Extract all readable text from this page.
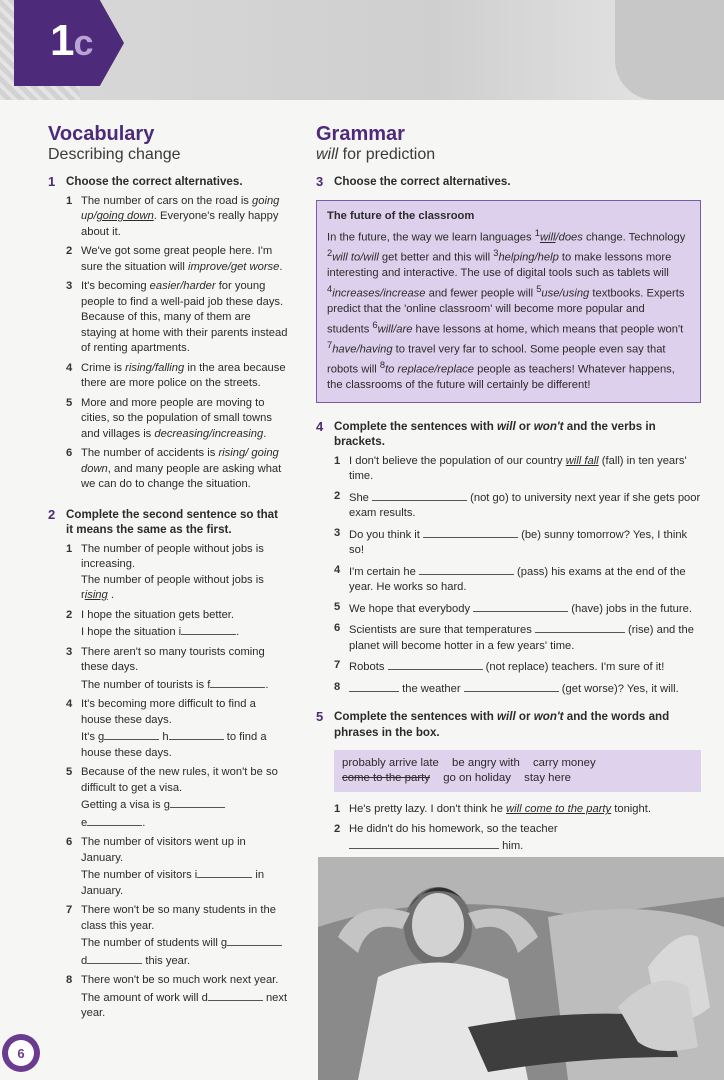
1c
Vocabulary
Describing change
1 Choose the correct alternatives.
1 The number of cars on the road is going up/going down. Everyone's really happy about it.
2 We've got some great people here. I'm sure the situation will improve/get worse.
3 It's becoming easier/harder for young people to find a well-paid job these days. Because of this, many of them are staying at home with their parents instead of renting apartments.
4 Crime is rising/falling in the area because there are more police on the streets.
5 More and more people are moving to cities, so the population of small towns and villages is decreasing/increasing.
6 The number of accidents is rising/ going down, and many people are asking what we can do to change the situation.
2 Complete the second sentence so that it means the same as the first.
1 The number of people without jobs is increasing.
The number of people without jobs is rising .
2 I hope the situation gets better.
I hope the situation i	.
3 There aren't so many tourists coming these days.
The number of tourists is f	.
4 It's becoming more difficult to find a house these days.
It's g	h	to find a house these days.
5 Because of the new rules, it won't be so difficult to get a visa.
Getting a visa is g
e	.
6 The number of visitors went up in January.
The number of visitors i	in January.
7 There won't be so many students in the class this year.
The number of students will g
d	this year.
8 There won't be so much work next year.
The amount of work will d	next year.
Grammar
will for prediction
3 Choose the correct alternatives.
The future of the classroom
In the future, the way we learn languages $^1$will/does change. Technology $^2$will to/will get better and this will $^3$helping/help to make lessons more interesting and interactive. The use of digital tools such as tablets will $^4$increases/increase and fewer people will $^5$use/using textbooks. Experts predict that the 'online classroom' will become more popular and students $^6$will/are have lessons at home, which means that people won't $^7$have/having to travel very far to school. Some people even say that robots will $^8$to replace/replace people as teachers! Whatever happens, the classrooms of the future will certainly be different!
4 Complete the sentences with will or won't and the verbs in brackets.
1 I don't believe the population of our country will fall (fall) in ten years' time.
2 She	(not go) to university next year if she gets poor exam results.
3 Do you think it	(be) sunny tomorrow? Yes, I think so!
4 I'm certain he	(pass) his exams at the end of the year. He works so hard.
5 We hope that everybody	(have) jobs in the future.
6 Scientists are sure that temperatures	(rise) and the planet will become hotter in a few years' time.
7 Robots	(not replace) teachers. I'm sure of it!
8	the weather	(get worse)? Yes, it will.
5 Complete the sentences with will or won't and the words and phrases in the box.
probably arrive late be angry with carry money
come to the party go on holiday stay here
1 He's pretty lazy. I don't think he will come to the party tonight.
2 He didn't do his homework, so the teacher  him.
6
